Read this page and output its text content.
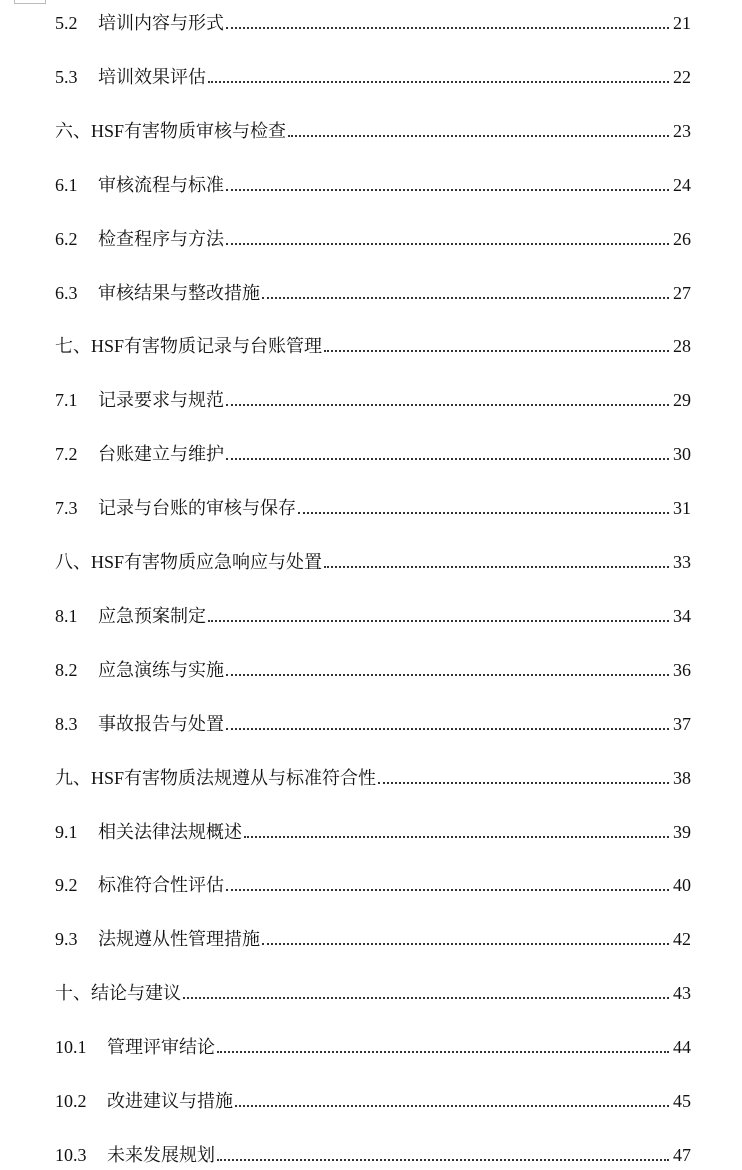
5.2	培训内容与形式	21
5.3	培训效果评估	22
六、HSF有害物质审核与检查	23
6.1	审核流程与标准	24
6.2	检查程序与方法	26
6.3	审核结果与整改措施	27
七、HSF有害物质记录与台账管理	28
7.1	记录要求与规范	29
7.2	台账建立与维护	30
7.3	记录与台账的审核与保存	31
八、HSF有害物质应急响应与处置	33
8.1	应急预案制定	34
8.2	应急演练与实施	36
8.3	事故报告与处置	37
九、HSF有害物质法规遵从与标准符合性	38
9.1	相关法律法规概述	39
9.2	标准符合性评估	40
9.3	法规遵从性管理措施	42
十、结论与建议	43
10.1	管理评审结论	44
10.2	改进建议与措施	45
10.3	未来发展规划	47
